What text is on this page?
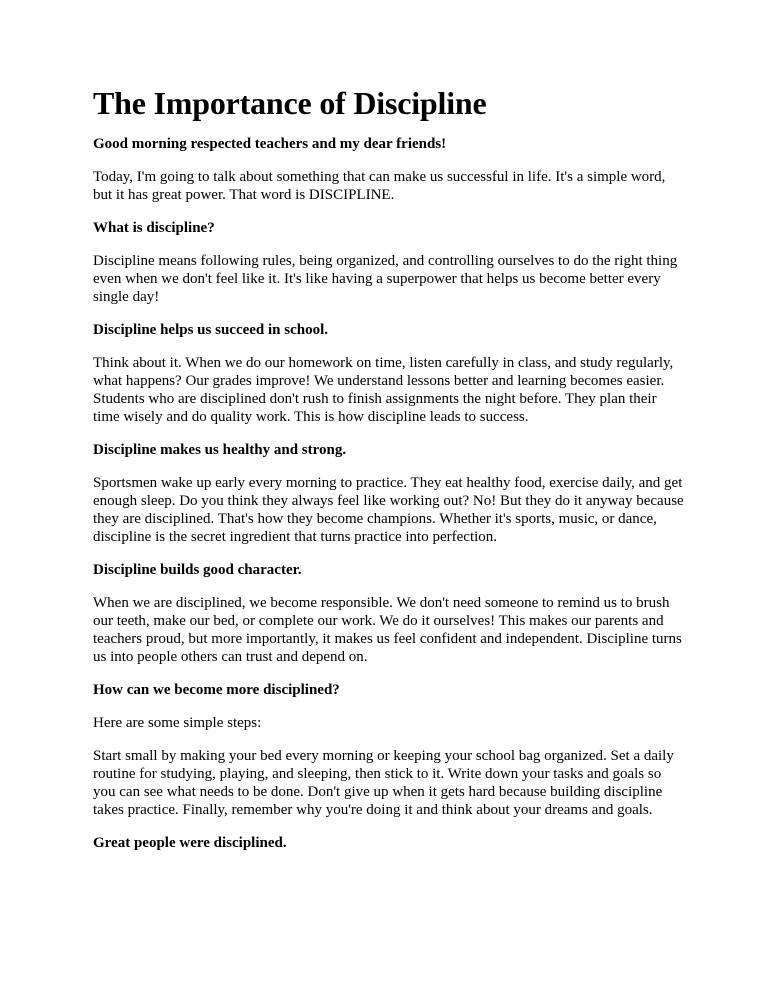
The Importance of Discipline

Good morning respected teachers and my dear friends!

Today, I'm going to talk about something that can make us successful in life. It's a simple word, but it has great power. That word is DISCIPLINE.

What is discipline?

Discipline means following rules, being organized, and controlling ourselves to do the right thing even when we don't feel like it. It's like having a superpower that helps us become better every single day!

Discipline helps us succeed in school.

Think about it. When we do our homework on time, listen carefully in class, and study regularly, what happens? Our grades improve! We understand lessons better and learning becomes easier. Students who are disciplined don't rush to finish assignments the night before. They plan their time wisely and do quality work. This is how discipline leads to success.

Discipline makes us healthy and strong.

Sportsmen wake up early every morning to practice. They eat healthy food, exercise daily, and get enough sleep. Do you think they always feel like working out? No! But they do it anyway because they are disciplined. That's how they become champions. Whether it's sports, music, or dance, discipline is the secret ingredient that turns practice into perfection.

Discipline builds good character.

When we are disciplined, we become responsible. We don't need someone to remind us to brush our teeth, make our bed, or complete our work. We do it ourselves! This makes our parents and teachers proud, but more importantly, it makes us feel confident and independent. Discipline turns us into people others can trust and depend on.

How can we become more disciplined?

Here are some simple steps:

Start small by making your bed every morning or keeping your school bag organized. Set a daily routine for studying, playing, and sleeping, then stick to it. Write down your tasks and goals so you can see what needs to be done. Don't give up when it gets hard because building discipline takes practice. Finally, remember why you're doing it and think about your dreams and goals.

Great people were disciplined.
